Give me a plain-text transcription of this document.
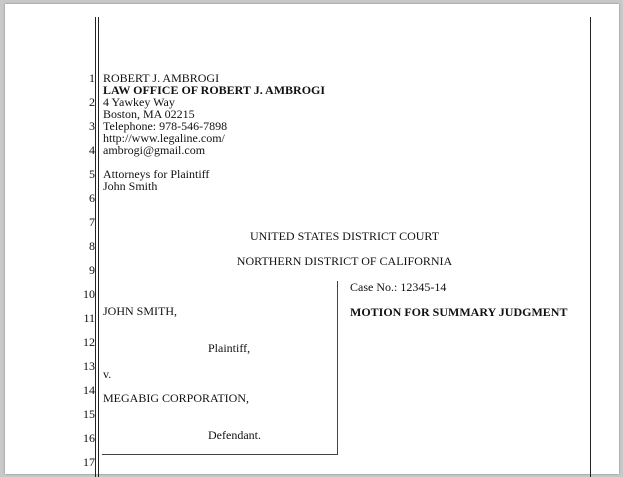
1
2
3
4
5
6
7
8
9
10
11
12
13
14
15
16
17
ROBERT J. AMBROGI
LAW OFFICE OF ROBERT J. AMBROGI
4 Yawkey Way
Boston, MA 02215
Telephone: 978-546-7898
http://www.legaline.com/
ambrogi@gmail.com
Attorneys for Plaintiff
John Smith
UNITED STATES DISTRICT COURT
NORTHERN DISTRICT OF CALIFORNIA
JOHN SMITH,
Plaintiff,
v.
MEGABIG CORPORATION,
Defendant.
Case No.: 12345-14
MOTION FOR SUMMARY JUDGMENT
